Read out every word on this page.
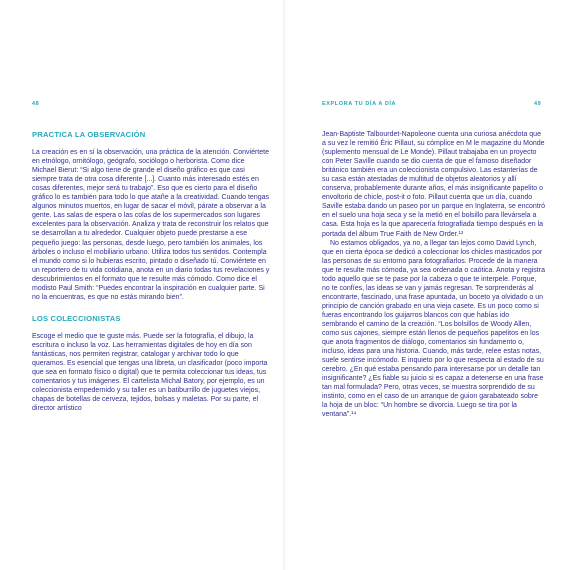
48	EXPLORA TU DÍA A DÍA	49
PRACTICA LA OBSERVACIÓN

La creación es en sí la observación, una práctica de la atención. Conviértete en etnólogo, ornitólogo, geógrafo, sociólogo o herborista. Como dice Michael Bierut: “Si algo tiene de grande el diseño gráfico es que casi siempre trata de otra cosa diferente [...]. Cuanto más interesado estés en cosas diferentes, mejor será tu trabajo”. Eso que es cierto para el diseño gráfico lo es también para todo lo que atañe a la creatividad. Cuando tengas algunos minutos muertos, en lugar de sacar el móvil, párate a observar a la gente. Las salas de espera o las colas de los supermercados son lugares excelentes para la observación. Analiza y trata de reconstruir los relatos que se desarrollan a tu alrededor. Cualquier objeto puede prestarse a ese pequeño juego: las personas, desde luego, pero también los animales, los árboles o incluso el mobiliario urbano. Utiliza todos tus sentidos. Contempla el mundo como si lo hubieras escrito, pintado o diseñado tú. Conviértete en un reportero de tu vida cotidiana, anota en un diario todas tus revelaciones y descubrimientos en el formato que te resulte más cómodo. Como dice el modisto Paul Smith: “Puedes encontrar la inspiración en cualquier parte. Si no la encuentras, es que no estás mirando bien”.

LOS COLECCIONISTAS

Escoge el medio que te guste más. Puede ser la fotografía, el dibujo, la escritura o incluso la voz. Las herramientas digitales de hoy en día son fantásticas, nos permiten registrar, catalogar y archivar todo lo que queramos. Es esencial que tengas una libreta, un clasificador (poco importa que sea en formato físico o digital) que te permita coleccionar tus ideas, tus comentarios y tus imágenes. El cartelista Michal Batory, por ejemplo, es un coleccionista empedernido y su taller es un batiburrillo de juguetes viejos, chapas de botellas de cerveza, tejidos, bolsas y maletas. Por su parte, el director artístico

Jean-Baptiste Talbourdet-Napoleone cuenta una curiosa anécdota que a su vez le remitió Éric Pillaut, su cómplice en M le magazine du Monde (suplemento mensual de Le Monde). Pillaut trabajaba en un proyecto con Peter Saville cuando se dio cuenta de que el famoso diseñador británico también era un coleccionista compulsivo. Las estanterías de su casa están atestadas de multitud de objetos aleatorios y allí conserva, probablemente durante años, el más insignificante papelito o envoltorio de chicle, post-it o foto. Pillaut cuenta que un día, cuando Saville estaba dando un paseo por un parque en Inglaterra, se encontró en el suelo una hoja seca y se la metió en el bolsillo para llevársela a casa. Esta hoja es la que aparecería fotografiada tiempo después en la portada del álbum True Faith de New Order.¹³

No estamos obligados, ya no, a llegar tan lejos como David Lynch, que en cierta época se dedicó a coleccionar los chicles masticados por las personas de su entorno para fotografiarlos. Procede de la manera que te resulte más cómoda, ya sea ordenada o caótica. Anota y registra todo aquello que se te pase por la cabeza o que te interpele. Porque, no te confíes, las ideas se van y jamás regresan. Te sorprenderás al encontrarte, fascinado, una frase apuntada, un boceto ya olvidado o un principio de canción grabado en una vieja casete. Es un poco como si fueras encontrando los guijarros blancos con que habías ido sembrando el camino de la creación. “Los bolsillos de Woody Allen, como sus cajones, siempre están llenos de pequeños papelitos en los que anota fragmentos de diálogo, comentarios sin fundamento o, incluso, ideas para una historia. Cuando, más tarde, relee estas notas, suele sentirse incómodo. E inquieto por lo que respecta al estado de su cerebro. ¿En qué estaba pensando para interesarse por un detalle tan insignificante? ¿Es fiable su juicio si es capaz a detenerse en una frase tan mal formulada? Pero, otras veces, se muestra sorprendido de su instinto, como en el caso de un arranque de guion garabateado sobre la hoja de un bloc: “Un hombre se divorcia. Luego se tira por la ventana”.¹⁴
